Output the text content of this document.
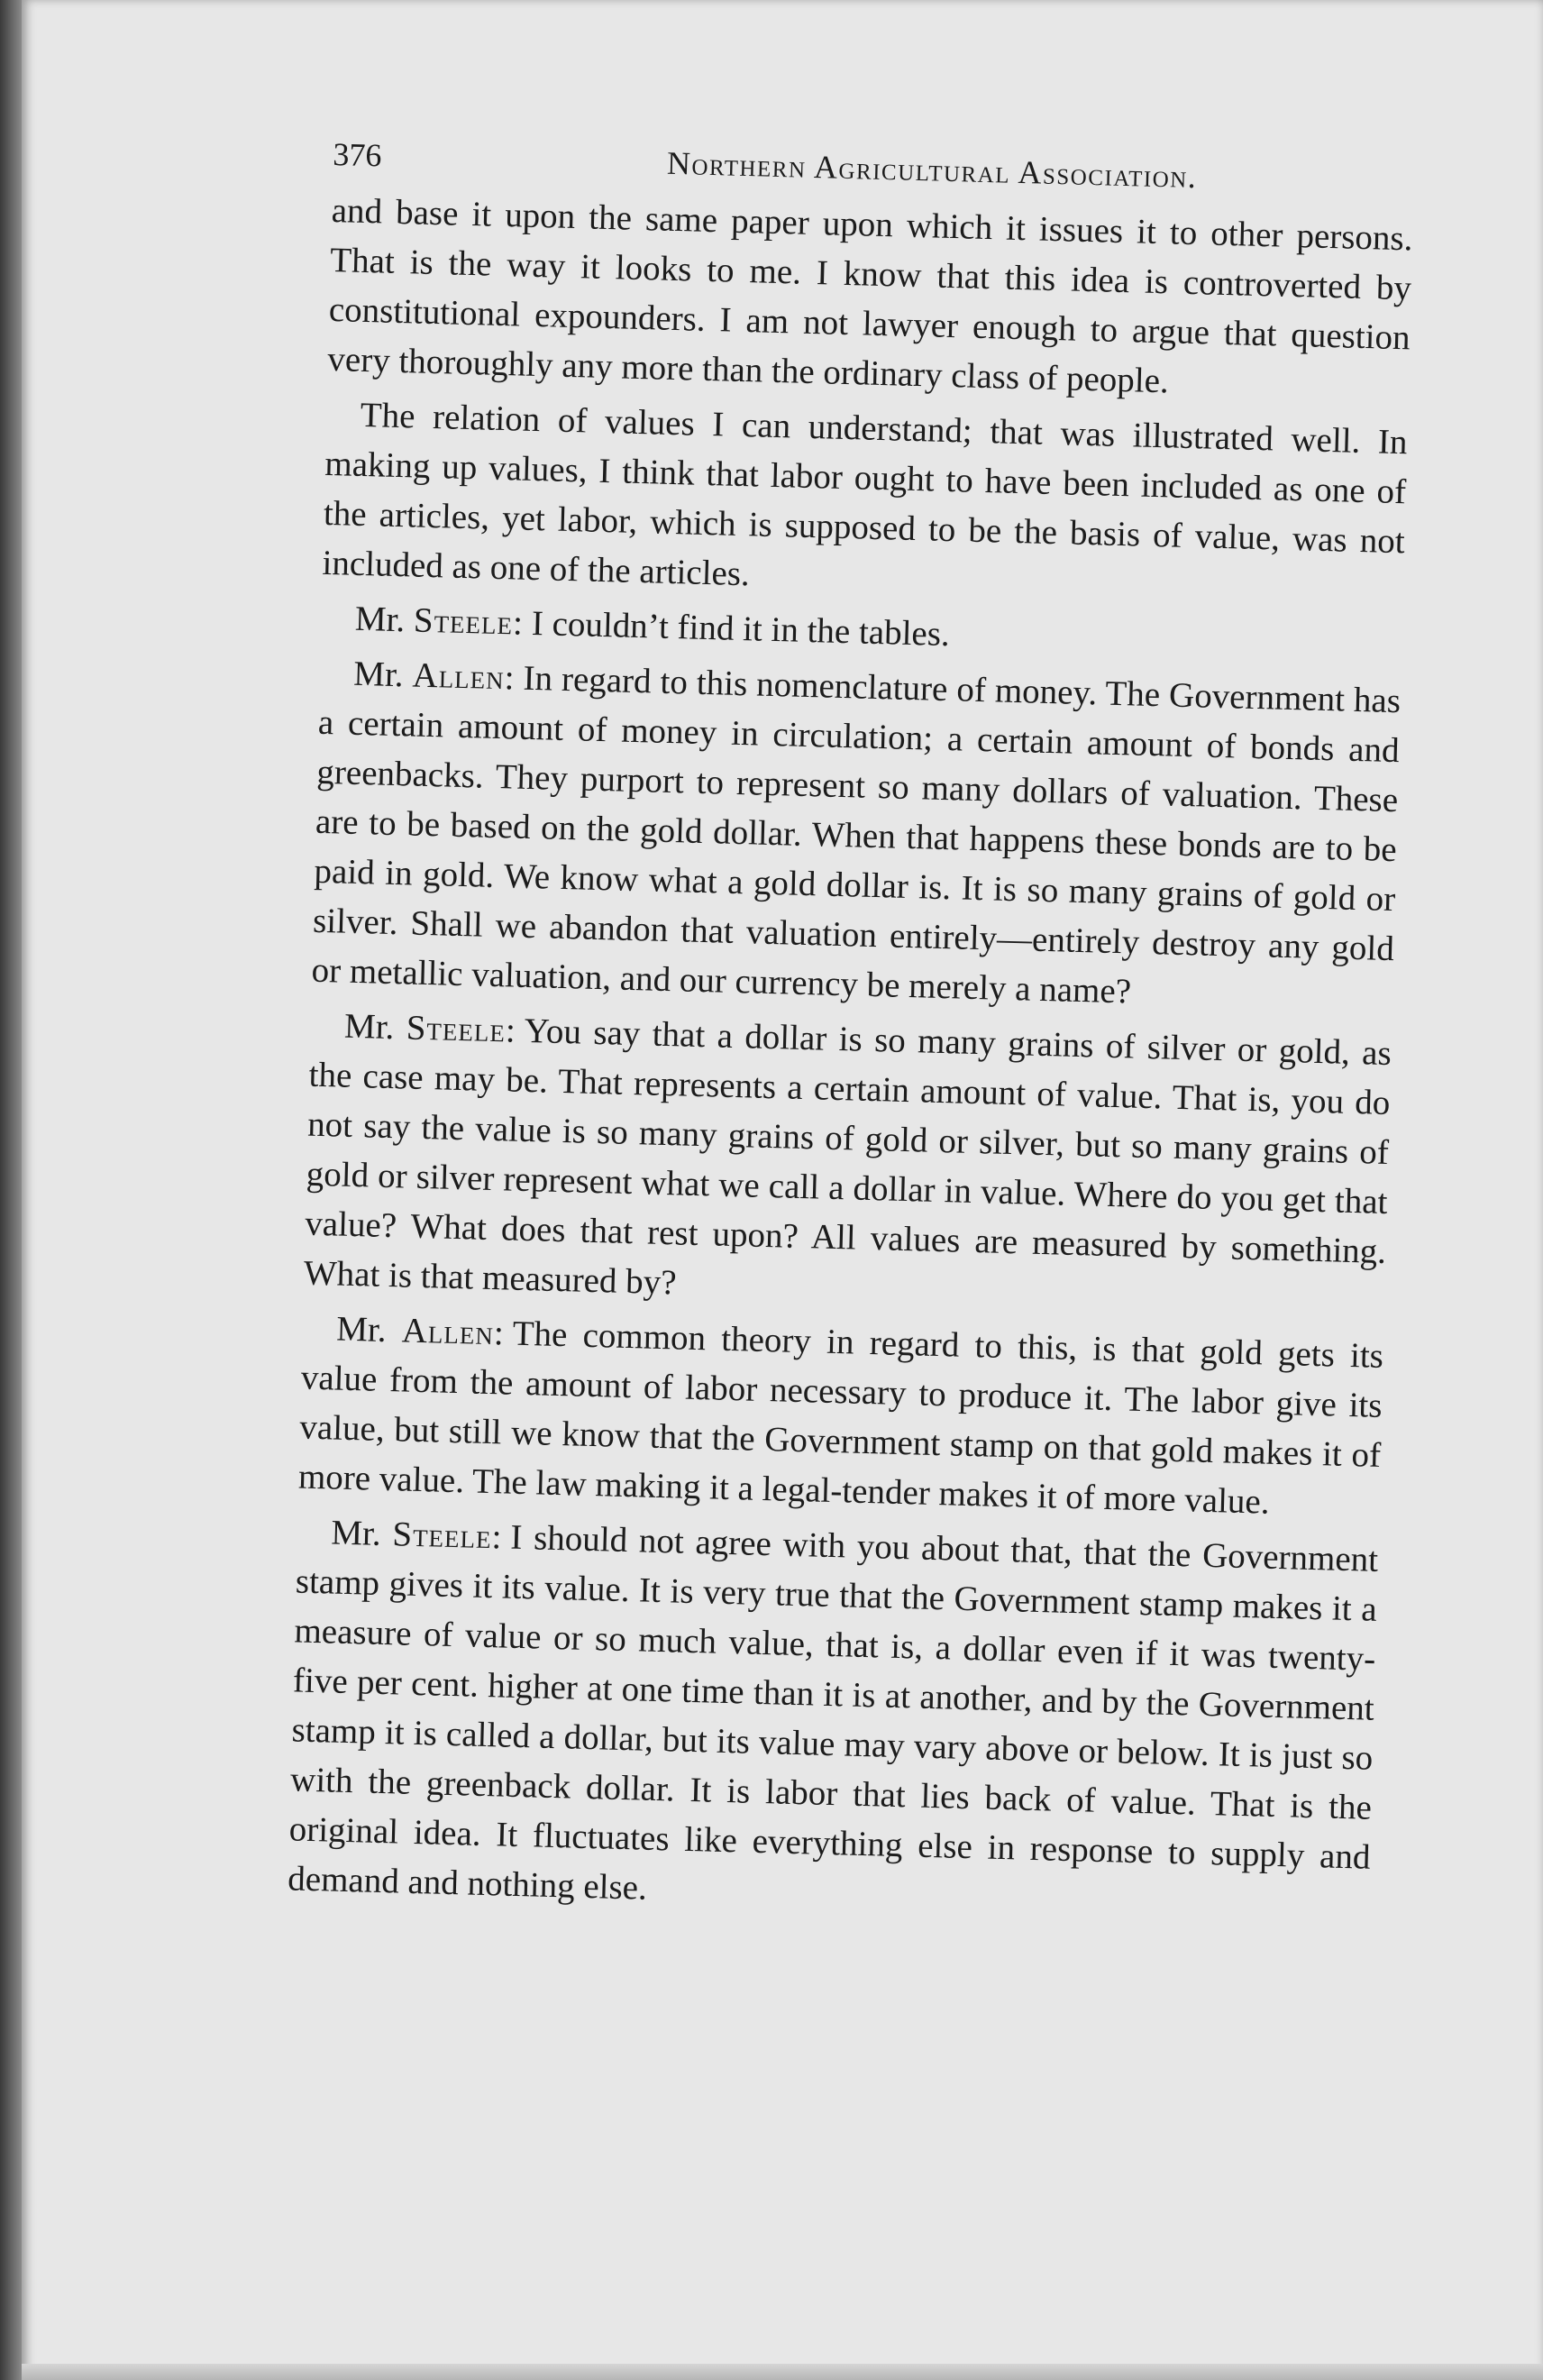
376	Northern Agricultural Association.

and base it upon the same paper upon which it issues it to other persons. That is the way it looks to me. I know that this idea is controverted by constitutional expounders. I am not lawyer enough to argue that question very thoroughly any more than the ordinary class of people.

The relation of values I can understand; that was illustrated well. In making up values, I think that labor ought to have been included as one of the articles, yet labor, which is supposed to be the basis of value, was not included as one of the articles.

Mr. Steele: I couldn’t find it in the tables.

Mr. Allen: In regard to this nomenclature of money. The Government has a certain amount of money in circulation; a certain amount of bonds and greenbacks. They purport to represent so many dollars of valuation. These are to be based on the gold dollar. When that happens these bonds are to be paid in gold. We know what a gold dollar is. It is so many grains of gold or silver. Shall we abandon that valuation entirely—entirely destroy any gold or metallic valuation, and our currency be merely a name?

Mr. Steele: You say that a dollar is so many grains of silver or gold, as the case may be. That represents a certain amount of value. That is, you do not say the value is so many grains of gold or silver, but so many grains of gold or silver represent what we call a dollar in value. Where do you get that value? What does that rest upon? All values are measured by something. What is that measured by?

Mr. Allen: The common theory in regard to this, is that gold gets its value from the amount of labor necessary to produce it. The labor give its value, but still we know that the Government stamp on that gold makes it of more value. The law making it a legal-tender makes it of more value.

Mr. Steele: I should not agree with you about that, that the Government stamp gives it its value. It is very true that the Government stamp makes it a measure of value or so much value, that is, a dollar even if it was twenty-five per cent. higher at one time than it is at another, and by the Government stamp it is called a dollar, but its value may vary above or below. It is just so with the greenback dollar. It is labor that lies back of value. That is the original idea. It fluctuates like everything else in response to supply and demand and nothing else.
